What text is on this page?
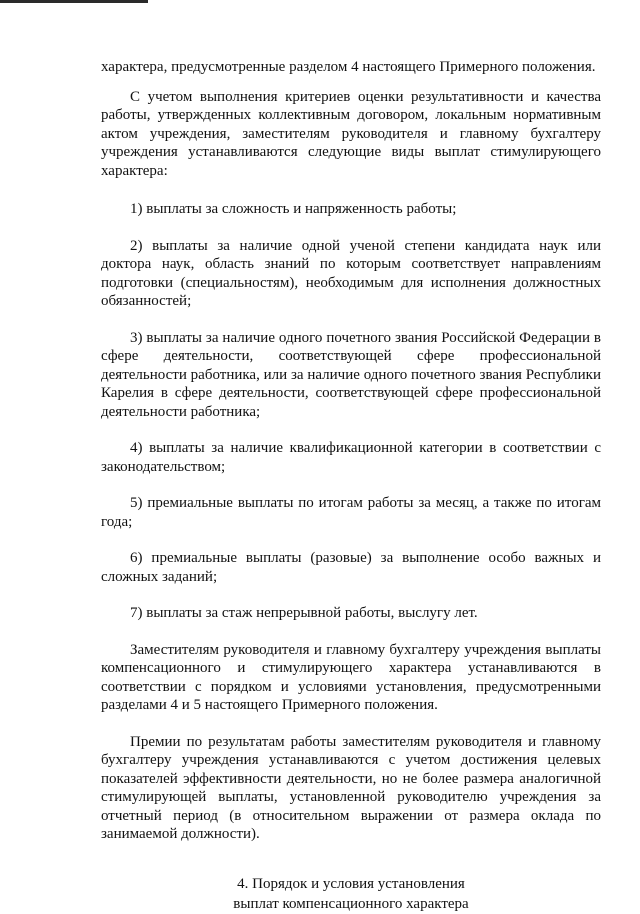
характера, предусмотренные разделом 4 настоящего Примерного положения.

С учетом выполнения критериев оценки результативности и качества работы, утвержденных коллективным договором, локальным нормативным актом учреждения, заместителям руководителя и главному бухгалтеру учреждения устанавливаются следующие виды выплат стимулирующего характера:

1) выплаты за сложность и напряженность работы;

2) выплаты за наличие одной ученой степени кандидата наук или доктора наук, область знаний по которым соответствует направлениям подготовки (специальностям), необходимым для исполнения должностных обязанностей;

3) выплаты за наличие одного почетного звания Российской Федерации в сфере деятельности, соответствующей сфере профессиональной деятельности работника, или за наличие одного почетного звания Республики Карелия в сфере деятельности, соответствующей сфере профессиональной деятельности работника;

4) выплаты за наличие квалификационной категории в соответствии с законодательством;

5) премиальные выплаты по итогам работы за месяц, а также по итогам года;

6) премиальные выплаты (разовые) за выполнение особо важных и сложных заданий;

7) выплаты за стаж непрерывной работы, выслугу лет.

Заместителям руководителя и главному бухгалтеру учреждения выплаты компенсационного и стимулирующего характера устанавливаются в соответствии с порядком и условиями установления, предусмотренными разделами 4 и 5 настоящего Примерного положения.

Премии по результатам работы заместителям руководителя и главному бухгалтеру учреждения устанавливаются с учетом достижения целевых показателей эффективности деятельности, но не более размера аналогичной стимулирующей выплаты, установленной руководителю учреждения за отчетный период (в относительном выражении от размера оклада по занимаемой должности).

4. Порядок и условия установления
выплат компенсационного характера
